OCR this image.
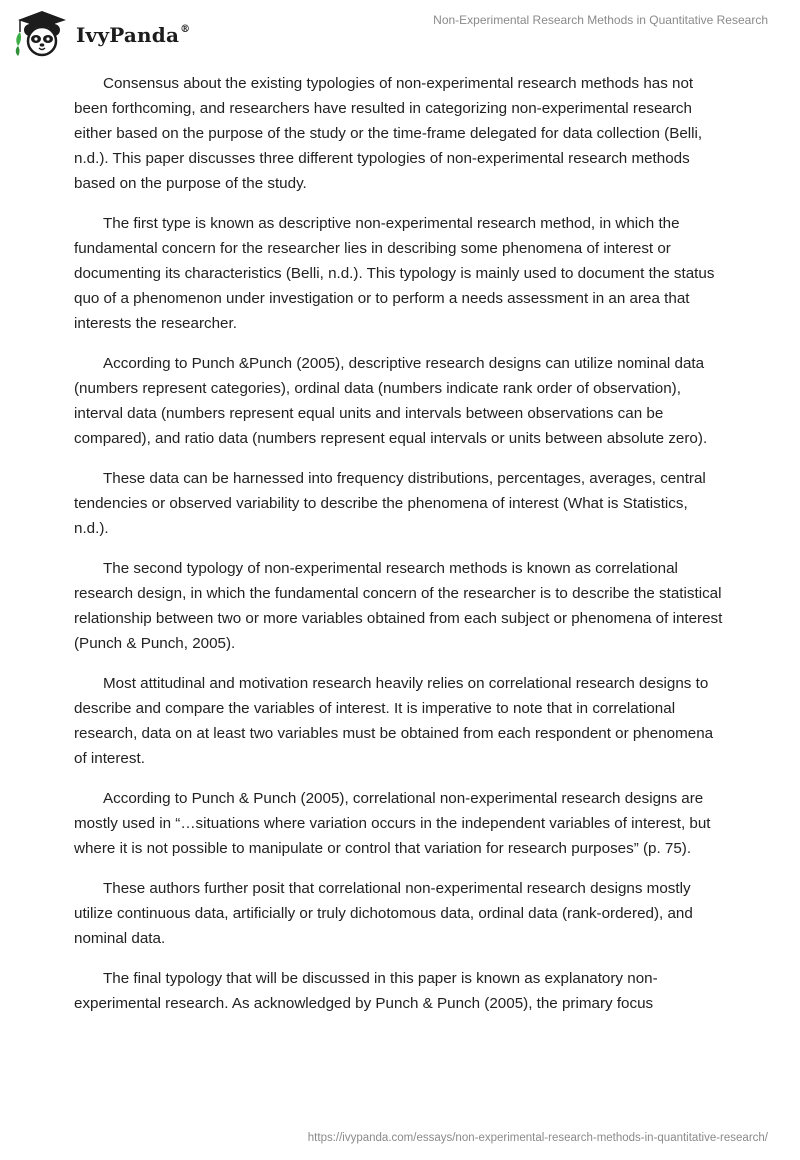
IvyPanda®
Non-Experimental Research Methods in Quantitative Research

Consensus about the existing typologies of non-experimental research methods has not been forthcoming, and researchers have resulted in categorizing non-experimental research either based on the purpose of the study or the time-frame delegated for data collection (Belli, n.d.). This paper discusses three different typologies of non-experimental research methods based on the purpose of the study.

The first type is known as descriptive non-experimental research method, in which the fundamental concern for the researcher lies in describing some phenomena of interest or documenting its characteristics (Belli, n.d.). This typology is mainly used to document the status quo of a phenomenon under investigation or to perform a needs assessment in an area that interests the researcher.

According to Punch &Punch (2005), descriptive research designs can utilize nominal data (numbers represent categories), ordinal data (numbers indicate rank order of observation), interval data (numbers represent equal units and intervals between observations can be compared), and ratio data (numbers represent equal intervals or units between absolute zero).

These data can be harnessed into frequency distributions, percentages, averages, central tendencies or observed variability to describe the phenomena of interest (What is Statistics, n.d.).

The second typology of non-experimental research methods is known as correlational research design, in which the fundamental concern of the researcher is to describe the statistical relationship between two or more variables obtained from each subject or phenomena of interest (Punch & Punch, 2005).

Most attitudinal and motivation research heavily relies on correlational research designs to describe and compare the variables of interest. It is imperative to note that in correlational research, data on at least two variables must be obtained from each respondent or phenomena of interest.

According to Punch & Punch (2005), correlational non-experimental research designs are mostly used in “…situations where variation occurs in the independent variables of interest, but where it is not possible to manipulate or control that variation for research purposes” (p. 75).

These authors further posit that correlational non-experimental research designs mostly utilize continuous data, artificially or truly dichotomous data, ordinal data (rank-ordered), and nominal data.

The final typology that will be discussed in this paper is known as explanatory non-experimental research. As acknowledged by Punch & Punch (2005), the primary focus

https://ivypanda.com/essays/non-experimental-research-methods-in-quantitative-research/
